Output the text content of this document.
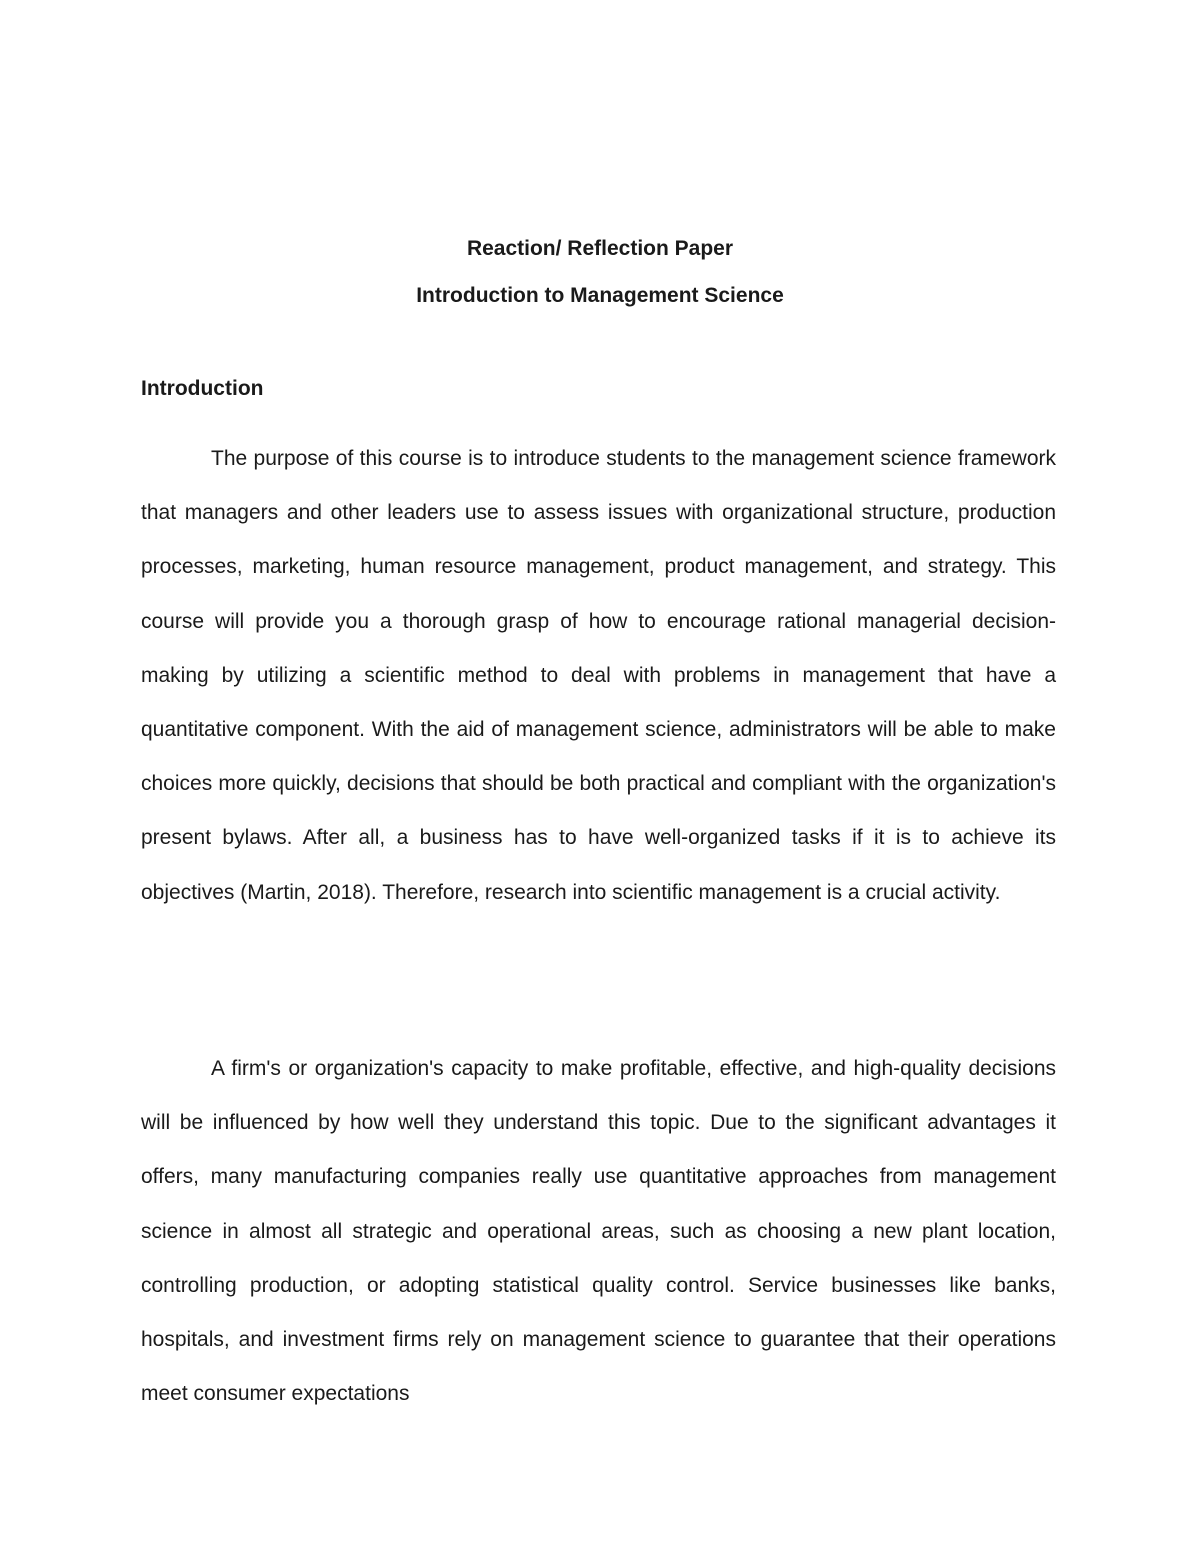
Reaction/ Reflection Paper
Introduction to Management Science
Introduction

The purpose of this course is to introduce students to the management science framework that managers and other leaders use to assess issues with organizational structure, production processes, marketing, human resource management, product management, and strategy. This course will provide you a thorough grasp of how to encourage rational managerial decision-making by utilizing a scientific method to deal with problems in management that have a quantitative component. With the aid of management science, administrators will be able to make choices more quickly, decisions that should be both practical and compliant with the organization's present bylaws. After all, a business has to have well-organized tasks if it is to achieve its objectives (Martin, 2018). Therefore, research into scientific management is a crucial activity.

A firm's or organization's capacity to make profitable, effective, and high-quality decisions will be influenced by how well they understand this topic. Due to the significant advantages it offers, many manufacturing companies really use quantitative approaches from management science in almost all strategic and operational areas, such as choosing a new plant location, controlling production, or adopting statistical quality control. Service businesses like banks, hospitals, and investment firms rely on management science to guarantee that their operations meet consumer expectations
